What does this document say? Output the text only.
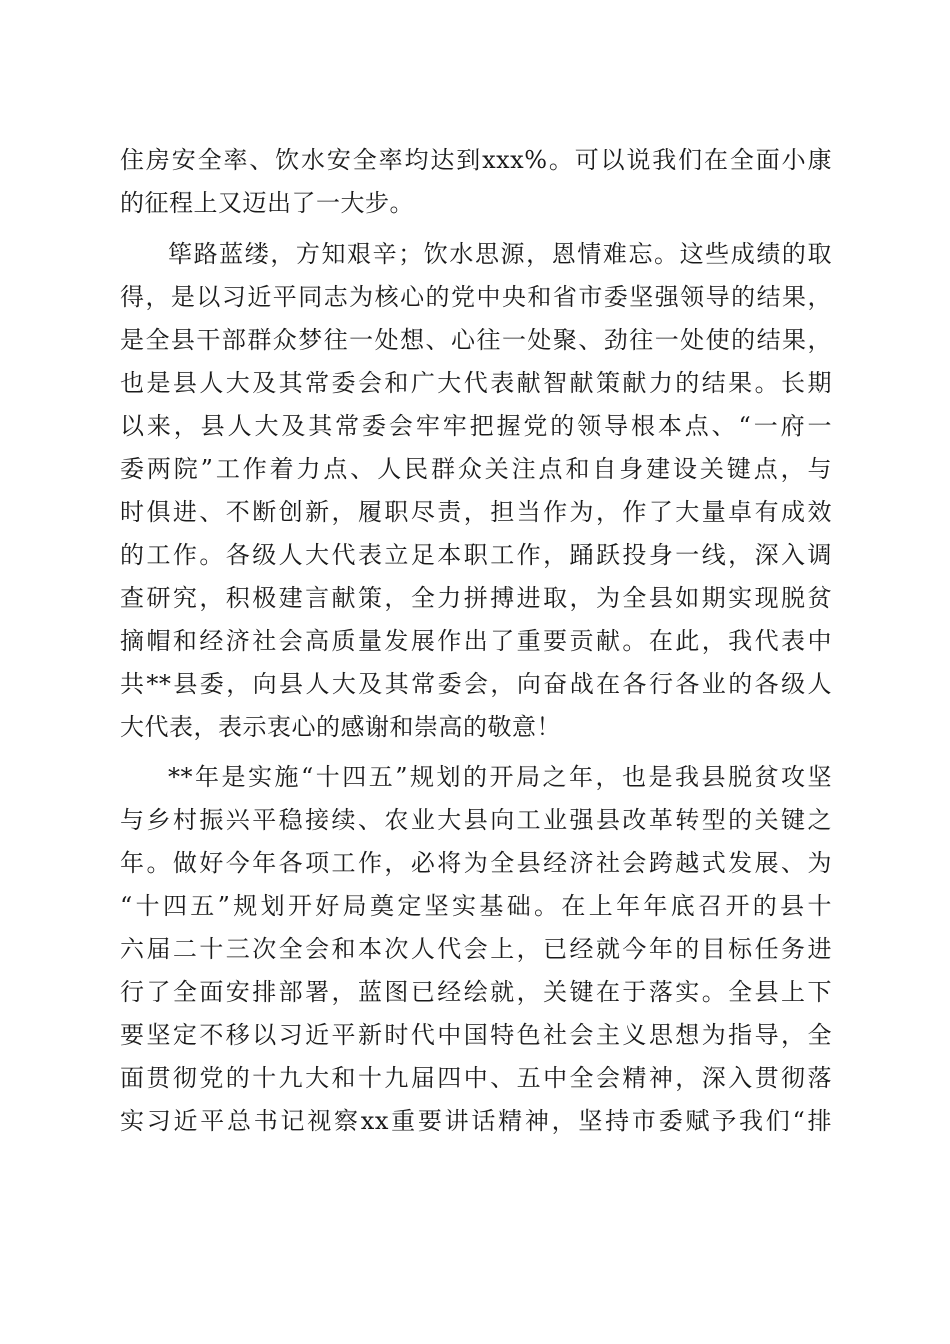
住房安全率、饮水安全率均达到xxx%。可以说我们在全面小康
的征程上又迈出了一大步。
筚路蓝缕，方知艰辛；饮水思源，恩情难忘。这些成绩的取
得，是以习近平同志为核心的党中央和省市委坚强领导的结果，
是全县干部群众梦往一处想、心往一处聚、劲往一处使的结果，
也是县人大及其常委会和广大代表献智献策献力的结果。长期
以来，县人大及其常委会牢牢把握党的领导根本点、“一府一
委两院”工作着力点、人民群众关注点和自身建设关键点，与
时俱进、不断创新，履职尽责，担当作为，作了大量卓有成效
的工作。各级人大代表立足本职工作，踊跃投身一线，深入调
查研究，积极建言献策，全力拼搏进取，为全县如期实现脱贫
摘帽和经济社会高质量发展作出了重要贡献。在此，我代表中
共**县委，向县人大及其常委会，向奋战在各行各业的各级人
大代表，表示衷心的感谢和崇高的敬意！
**年是实施“十四五”规划的开局之年，也是我县脱贫攻坚
与乡村振兴平稳接续、农业大县向工业强县改革转型的关键之
年。做好今年各项工作，必将为全县经济社会跨越式发展、为
“十四五”规划开好局奠定坚实基础。在上年年底召开的县十
六届二十三次全会和本次人代会上，已经就今年的目标任务进
行了全面安排部署，蓝图已经绘就，关键在于落实。全县上下
要坚定不移以习近平新时代中国特色社会主义思想为指导，全
面贯彻党的十九大和十九届四中、五中全会精神，深入贯彻落
实习近平总书记视察xx重要讲话精神，坚持市委赋予我们“排
